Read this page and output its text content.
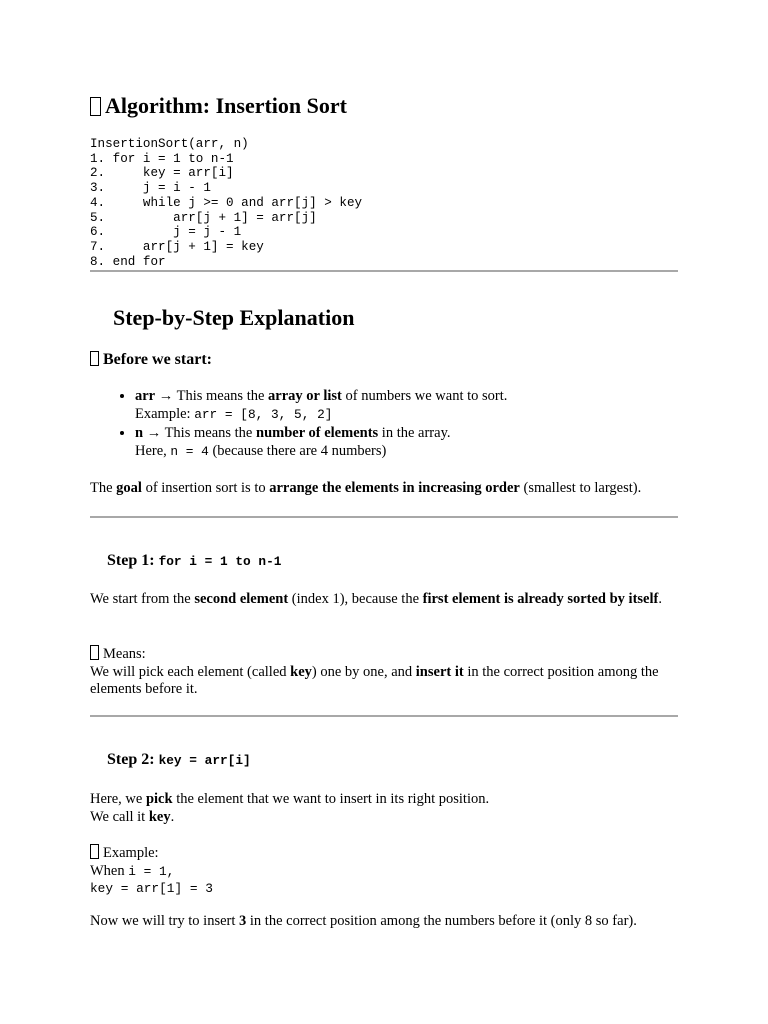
Algorithm: Insertion Sort
InsertionSort(arr, n)
1. for i = 1 to n-1
2.     key = arr[i]
3.     j = i - 1
4.     while j >= 0 and arr[j] > key
5.         arr[j + 1] = arr[j]
6.         j = j - 1
7.     arr[j + 1] = key
8. end for
Step-by-Step Explanation
Before we start:
• arr → This means the array or list of numbers we want to sort.
Example: arr = [8, 3, 5, 2]
• n → This means the number of elements in the array.
Here, n = 4 (because there are 4 numbers)

The goal of insertion sort is to arrange the elements in increasing order (smallest to largest).

Step 1: for i = 1 to n-1

We start from the second element (index 1), because the first element is already sorted by itself.

Means:
We will pick each element (called key) one by one, and insert it in the correct position among the elements before it.

Step 2: key = arr[i]

Here, we pick the element that we want to insert in its right position.
We call it key.

Example:
When i = 1,
key = arr[1] = 3

Now we will try to insert 3 in the correct position among the numbers before it (only 8 so far).
